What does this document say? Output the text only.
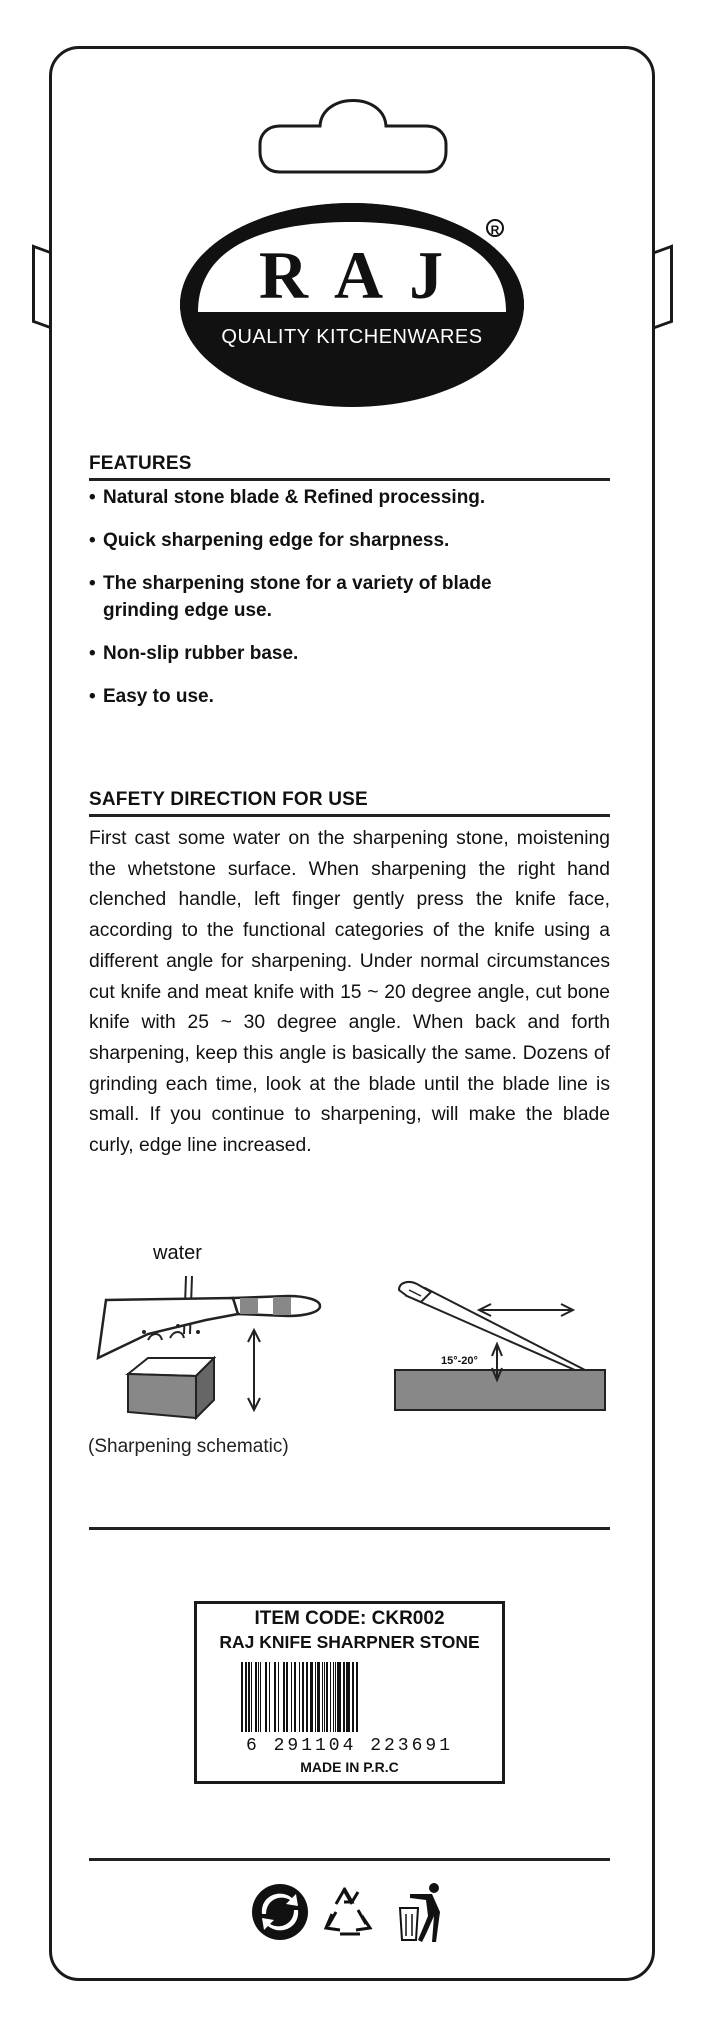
RAJ
QUALITY KITCHENWARES
R
FEATURES
• Natural stone blade & Refined processing.
• Quick sharpening edge for sharpness.
• The sharpening stone for a variety of blade grinding edge use.
• Non-slip rubber base.
• Easy to use.
SAFETY DIRECTION FOR USE
First cast some water on the sharpening stone, moistening the whetstone surface. When sharpening the right hand clenched handle, left finger gently press the knife face, according to the functional categories of the knife using a different angle for sharpening. Under normal circumstances cut knife and meat knife with 15 ~ 20 degree angle, cut bone knife with 25 ~ 30 degree angle. When back and forth sharpening, keep this angle is basically the same. Dozens of grinding each time, look at the blade until the blade line is small. If you continue to sharpening, will make the blade curly, edge line increased.
water
(Sharpening schematic)
15°-20°
ITEM CODE: CKR002
RAJ KNIFE SHARPNER STONE
6 291104 223691
MADE IN P.R.C
